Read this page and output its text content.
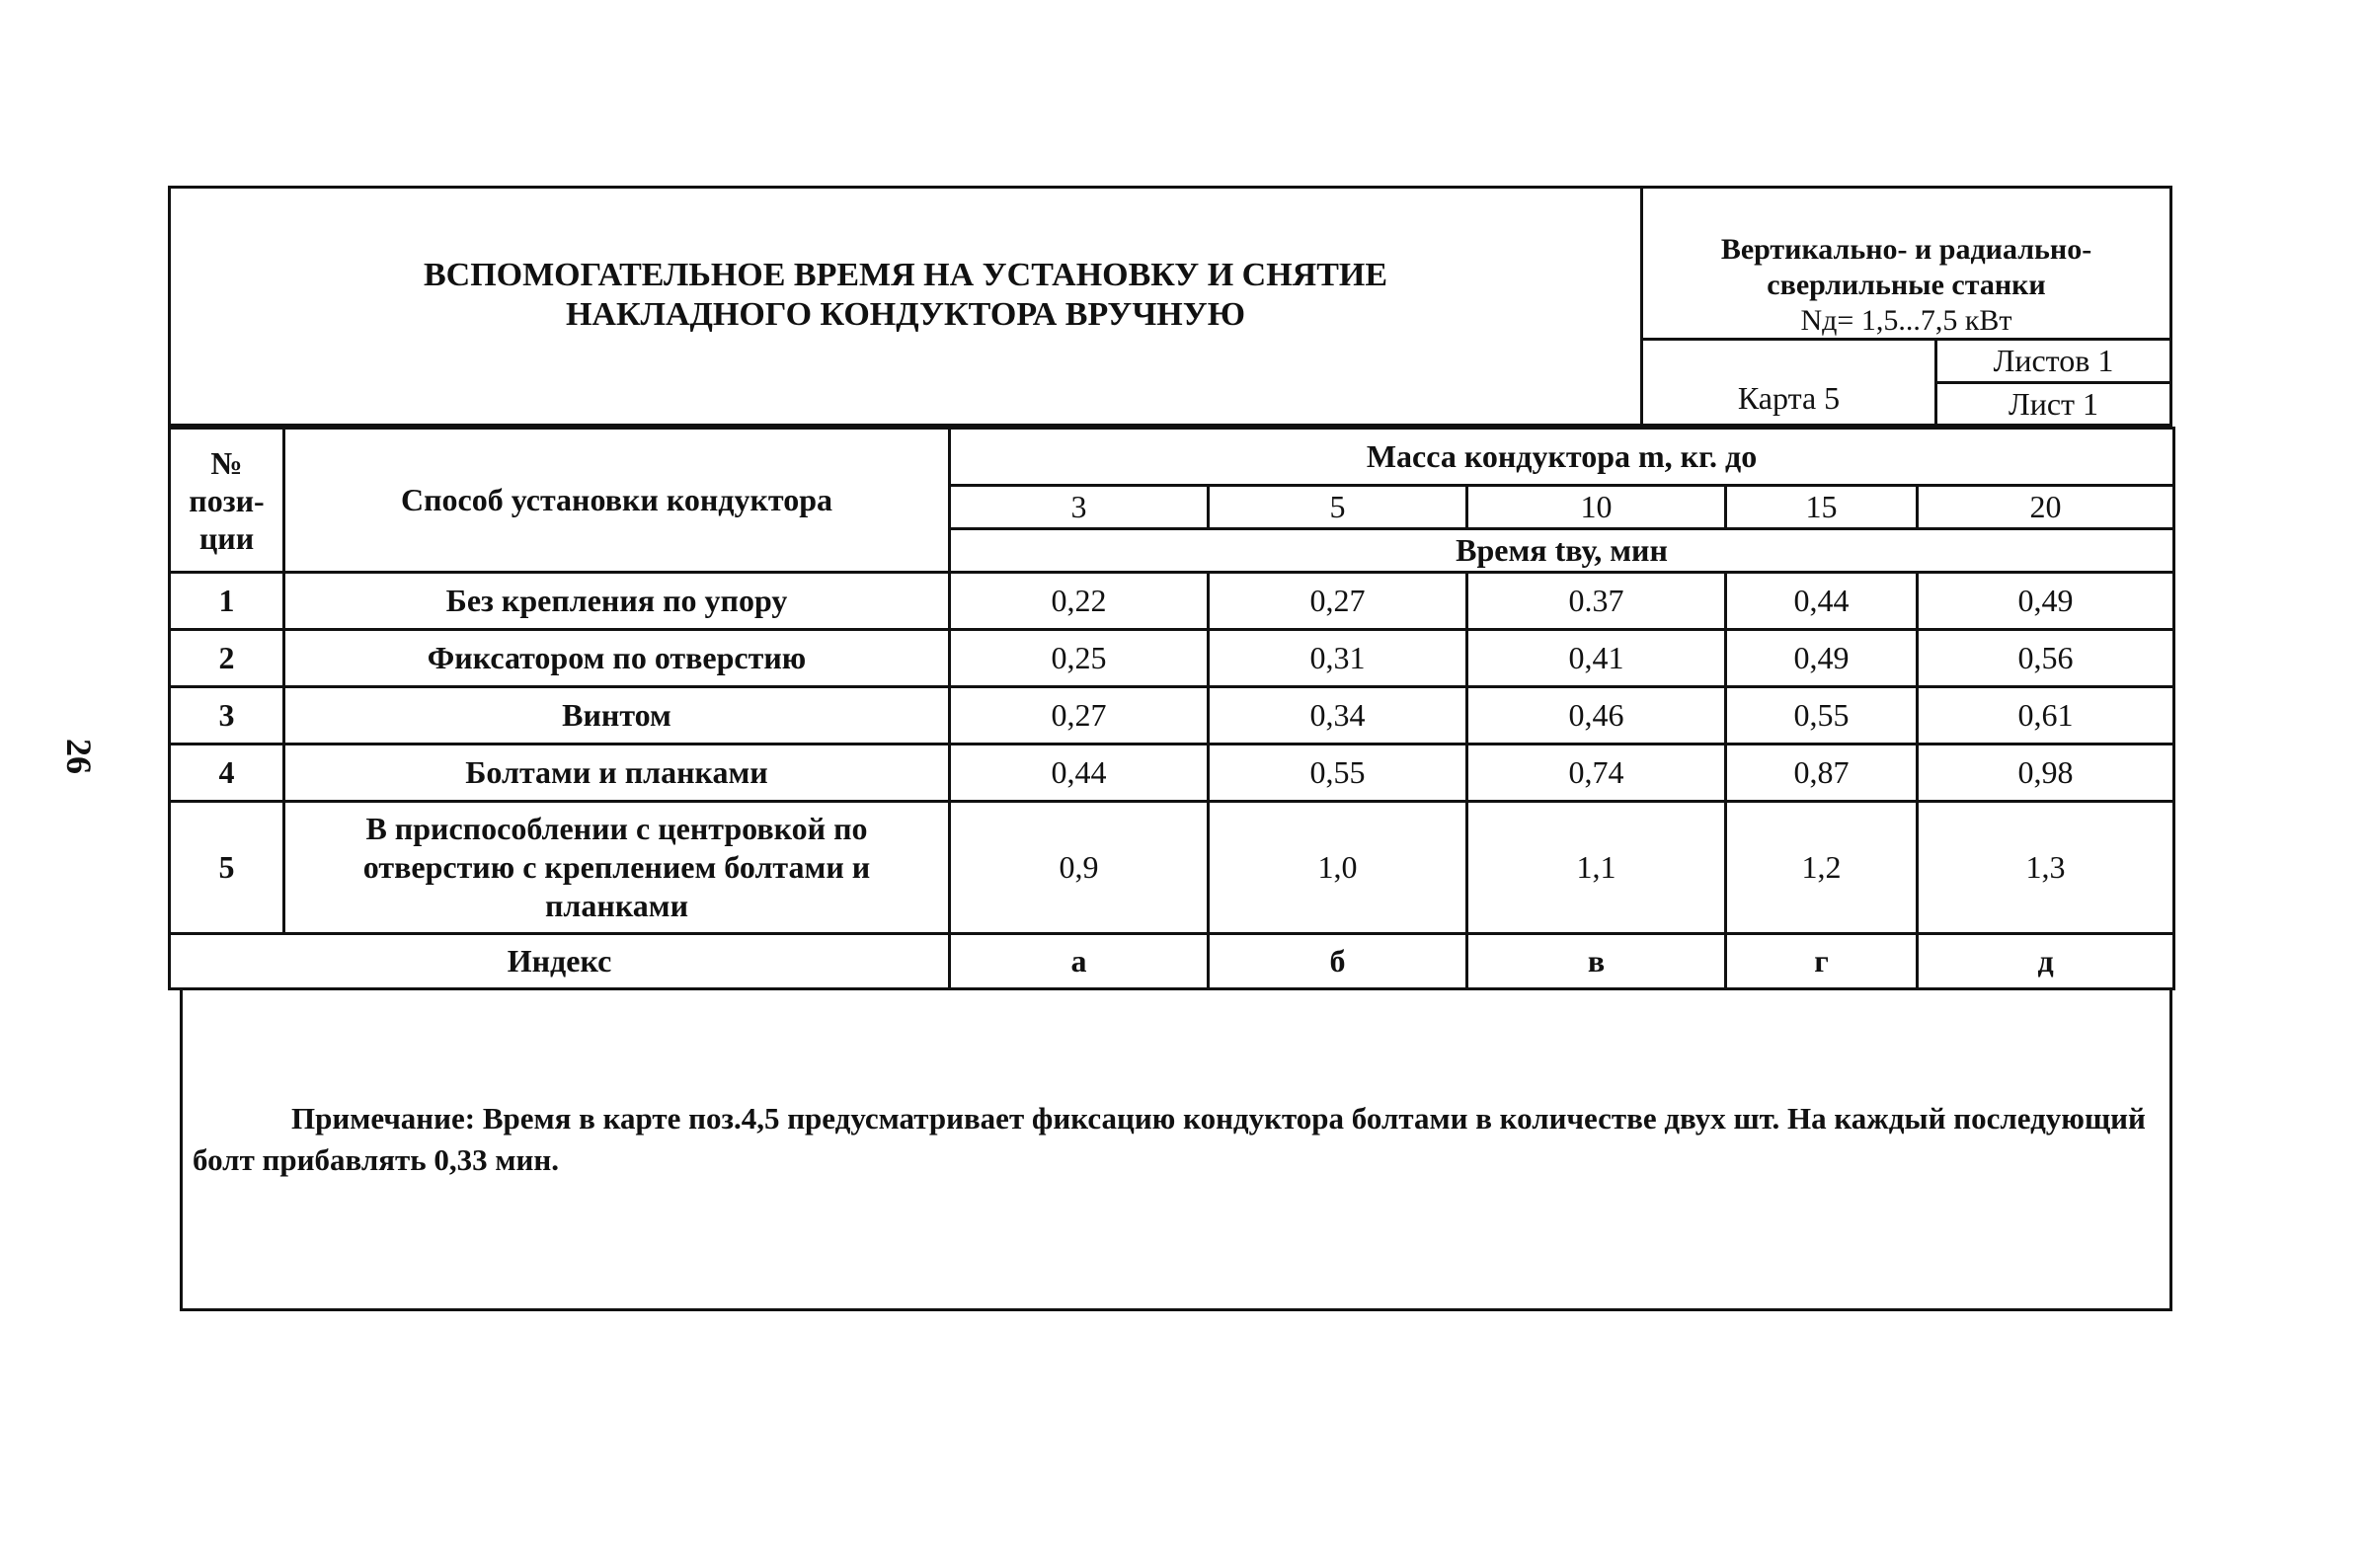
26
ВСПОМОГАТЕЛЬНОЕ ВРЕМЯ НА УСТАНОВКУ И СНЯТИЕ
НАКЛАДНОГО КОНДУКТОРА ВРУЧНУЮ
Вертикально- и радиально-
сверлильные станки
Nд= 1,5...7,5 кВт
Карта 5
Листов 1
Лист 1
№
пози-
ции	Способ установки кондуктора	Масса кондуктора m, кг. до				
		3	5	10	15	20
		Время tву, мин				
1	Без крепления по упору	0,22	0,27	0.37	0,44	0,49
2	Фиксатором по отверстию	0,25	0,31	0,41	0,49	0,56
3	Винтом	0,27	0,34	0,46	0,55	0,61
4	Болтами и планками	0,44	0,55	0,74	0,87	0,98
5	В приспособлении с центровкой по отверстию с креплением болтами и планками	0,9	1,0	1,1	1,2	1,3
Индекс		а	б	в	г	д
Примечание: Время в карте поз.4,5 предусматривает фиксацию кондуктора болтами в количестве двух шт. На каждый последующий болт прибавлять 0,33 мин.
